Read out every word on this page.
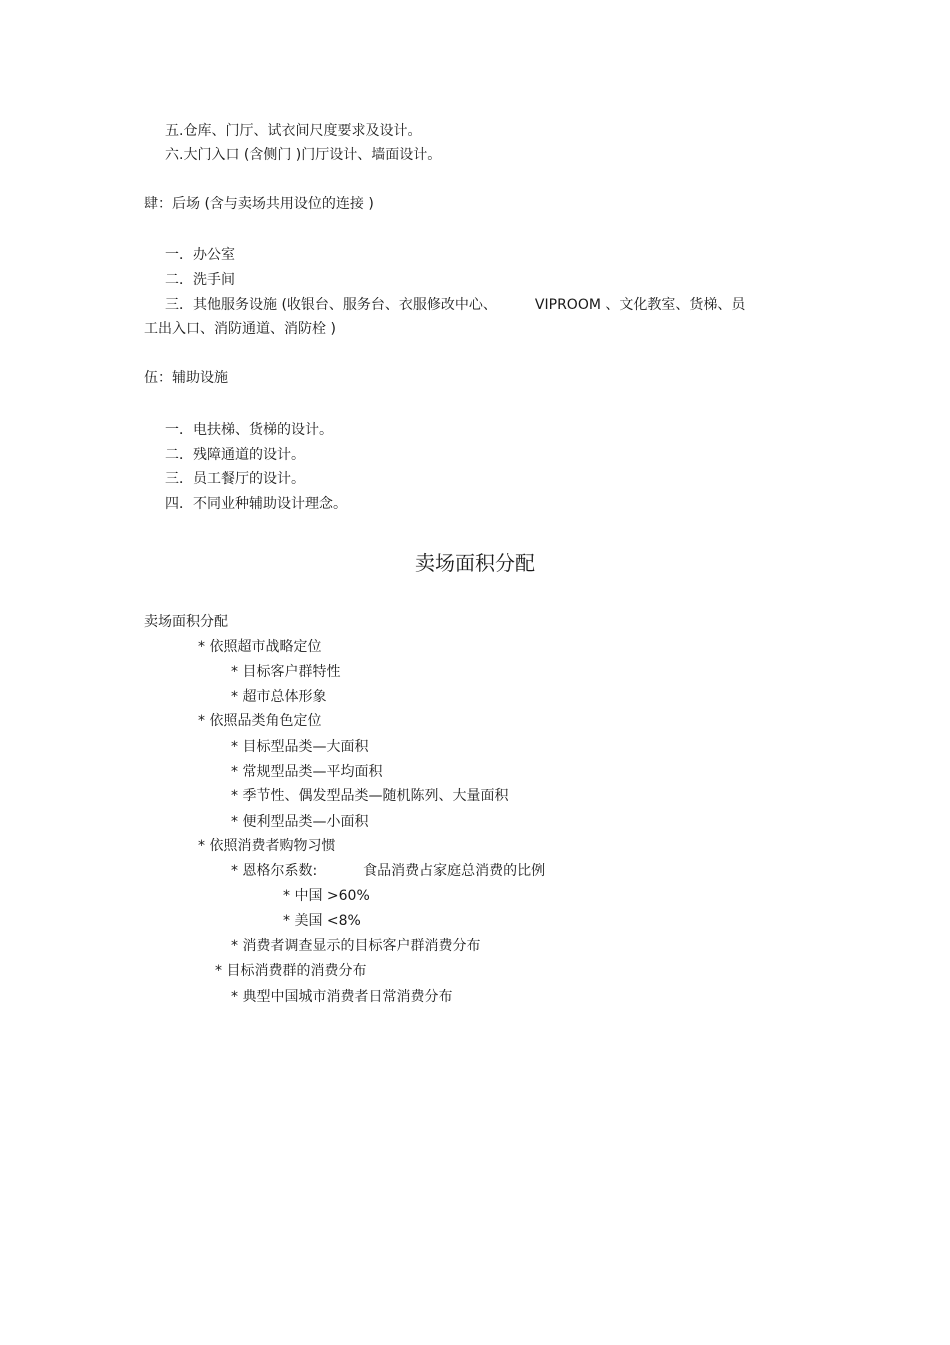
五.仓库、门厅、试衣间尺度要求及设计。

六.大门入口 (含侧门 )门厅设计、墙面设计。

肆：后场 (含与卖场共用设位的连接 )

一．办公室

二．洗手间

三．其他服务设施 (收银台、服务台、衣服修改中心、	VIPROOM 、文化教室、货梯、员

工出入口、消防通道、消防栓 )

伍：辅助设施

一．电扶梯、货梯的设计。

二．残障通道的设计。

三．员工餐厅的设计。

四．不同业种辅助设计理念。

卖场面积分配

卖场面积分配

* 依照超市战略定位

* 目标客户群特性

* 超市总体形象

* 依照品类角色定位

* 目标型品类—大面积

* 常规型品类—平均面积

* 季节性、偶发型品类—随机陈列、大量面积

* 便利型品类—小面积

* 依照消费者购物习惯

* 恩格尔系数:	食品消费占家庭总消费的比例

* 中国 >60%

* 美国 <8%

* 消费者调查显示的目标客户群消费分布

* 目标消费群的消费分布

* 典型中国城市消费者日常消费分布
